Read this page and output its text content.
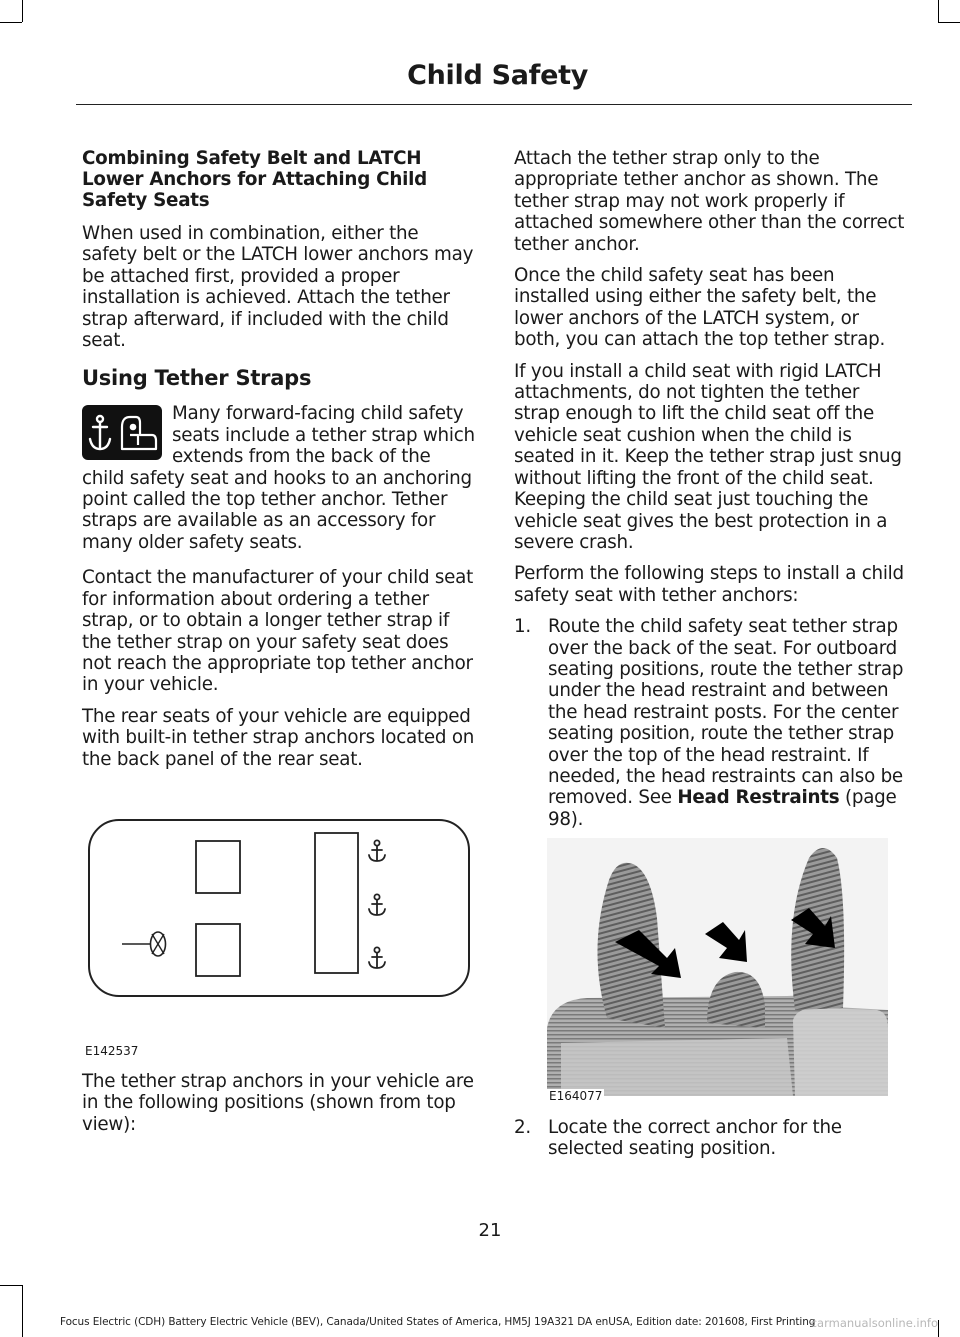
Child Safety
Combining Safety Belt and LATCH Lower Anchors for Attaching Child Safety Seats

When used in combination, either the safety belt or the LATCH lower anchors may be attached first, provided a proper installation is achieved. Attach the tether strap afterward, if included with the child seat.

Using Tether Straps

Many forward-facing child safety seats include a tether strap which extends from the back of the child safety seat and hooks to an anchoring point called the top tether anchor. Tether straps are available as an accessory for many older safety seats.

Contact the manufacturer of your child seat for information about ordering a tether strap, or to obtain a longer tether strap if the tether strap on your safety seat does not reach the appropriate top tether anchor in your vehicle.

The rear seats of your vehicle are equipped with built-in tether strap anchors located on the back panel of the rear seat.

E142537
The tether strap anchors in your vehicle are in the following positions (shown from top view):

Attach the tether strap only to the appropriate tether anchor as shown. The tether strap may not work properly if attached somewhere other than the correct tether anchor.

Once the child safety seat has been installed using either the safety belt, the lower anchors of the LATCH system, or both, you can attach the top tether strap.

If you install a child seat with rigid LATCH attachments, do not tighten the tether strap enough to lift the child seat off the vehicle seat cushion when the child is seated in it. Keep the tether strap just snug without lifting the front of the child seat. Keeping the child seat just touching the vehicle seat gives the best protection in a severe crash.

Perform the following steps to install a child safety seat with tether anchors:

1. Route the child safety seat tether strap over the back of the seat. For outboard seating positions, route the tether strap under the head restraint and between the head restraint posts. For the center seating position, route the tether strap over the top of the head restraint. If needed, the head restraints can also be removed. See Head Restraints (page 98).
E164077
2. Locate the correct anchor for the selected seating position.
21
Focus Electric (CDH) Battery Electric Vehicle (BEV), Canada/United States of America, HM5J 19A321 DA enUSA, Edition date: 201608, First Printing
carmanualsonline.info
